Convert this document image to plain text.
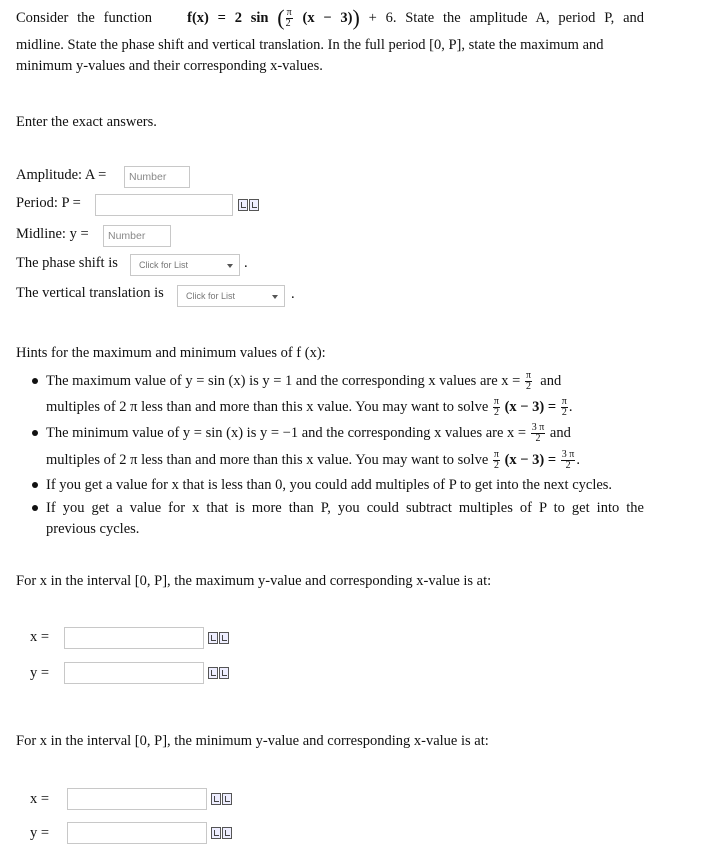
Consider the function f(x) = 2 sin ( $\frac{\pi}{2} (x - 3)) + 6$. State the amplitude A, period P, and
midline. State the phase shift and vertical translation. In the full period [0, P], state the maximum and
minimum y-values and their corresponding x-values.
Enter the exact answers.
Amplitude: A =	Number
Period: P =
Midline: y =	Number
The phase shift is	Click for List	.
The vertical translation is	Click for List	.
Hints for the maximum and minimum values of f (x):
The maximum value of y = sin (x) is y = 1 and the corresponding x values are $x = \frac{\pi}{2}$ and
multiples of 2 π less than and more than this x value. You may want to solve $\frac{\pi}{2} (x - 3) = \frac{\pi}{2}$ .
The minimum value of y = sin (x) is y = −1 and the corresponding x values are $x = \frac{3 \pi}{2}$ and
multiples of 2 π less than and more than this x value. You may want to solve $\frac{\pi}{2} (x - 3) = \frac{3 \pi}{2}$ .
If you get a value for x that is less than 0, you could add multiples of P to get into the next cycles.
If you get a value for x that is more than P, you could subtract multiples of P to get into the
previous cycles.
For x in the interval [0, P], the maximum y-value and corresponding x-value is at:
x =
y =
For x in the interval [0, P], the minimum y-value and corresponding x-value is at:
x =
y =
